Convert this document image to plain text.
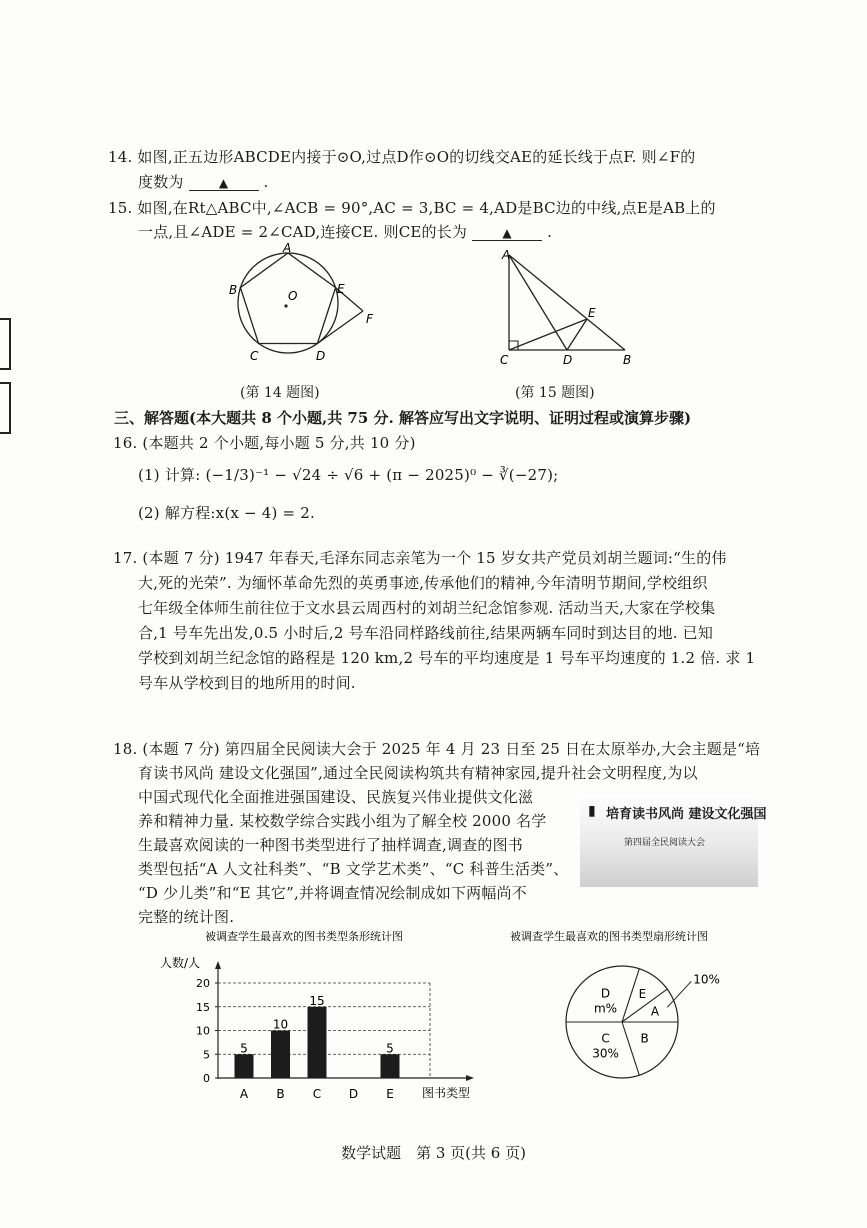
14. 如图,正五边形ABCDE内接于⊙O,过点D作⊙O的切线交AE的延长线于点F. 则∠F的
度数为	▲ .
15. 如图,在Rt△ABC中,∠ACB = 90°,AC = 3,BC = 4,AD是BC边的中线,点E是AB上的
一点,且∠ADE = 2∠CAD,连接CE. 则CE的长为	▲ .
A
B
C	D
E
F
O
(第 14 题图)
A
C	D	B
E
(第 15 题图)
三、解答题(本大题共 8 个小题,共 75 分. 解答应写出文字说明、证明过程或演算步骤)
16. (本题共 2 个小题,每小题 5 分,共 10 分)
(1) 计算: (−1/3)⁻¹ − √24 ÷ √6 + (π − 2025)⁰ − ∛(−27);
(2) 解方程:x(x − 4) = 2.
17. (本题 7 分) 1947 年春天,毛泽东同志亲笔为一个 15 岁女共产党员刘胡兰题词:“生的伟
大,死的光荣”. 为缅怀革命先烈的英勇事迹,传承他们的精神,今年清明节期间,学校组织
七年级全体师生前往位于文水县云周西村的刘胡兰纪念馆参观. 活动当天,大家在学校集
合,1 号车先出发,0.5 小时后,2 号车沿同样路线前往,结果两辆车同时到达目的地. 已知
学校到刘胡兰纪念馆的路程是 120 km,2 号车的平均速度是 1 号车平均速度的 1.2 倍. 求 1
号车从学校到目的地所用的时间.
18. (本题 7 分) 第四届全民阅读大会于 2025 年 4 月 23 日至 25 日在太原举办,大会主题是“培
育读书风尚 建设文化强国”,通过全民阅读构筑共有精神家园,提升社会文明程度,为以
中国式现代化全面推进强国建设、民族复兴伟业提供文化滋
养和精神力量. 某校数学综合实践小组为了解全校 2000 名学
生最喜欢阅读的一种图书类型进行了抽样调查,调查的图书
类型包括“A 人文社科类”、“B 文学艺术类”、“C 科普生活类”、
“D 少儿类”和“E 其它”,并将调查情况绘制成如下两幅尚不
完整的统计图.
▮ 培育读书风尚 建设文化强国
第四届全民阅读大会
被调查学生最喜欢的图书类型条形统计图
人数/人
图书类型
0
5
10
15
20
A
5
B
10
C
15
D E
5
被调查学生最喜欢的图书类型扇形统计图
D
m%
E
A
10%
B
C
30%
数学试题　第 3 页(共 6 页)
